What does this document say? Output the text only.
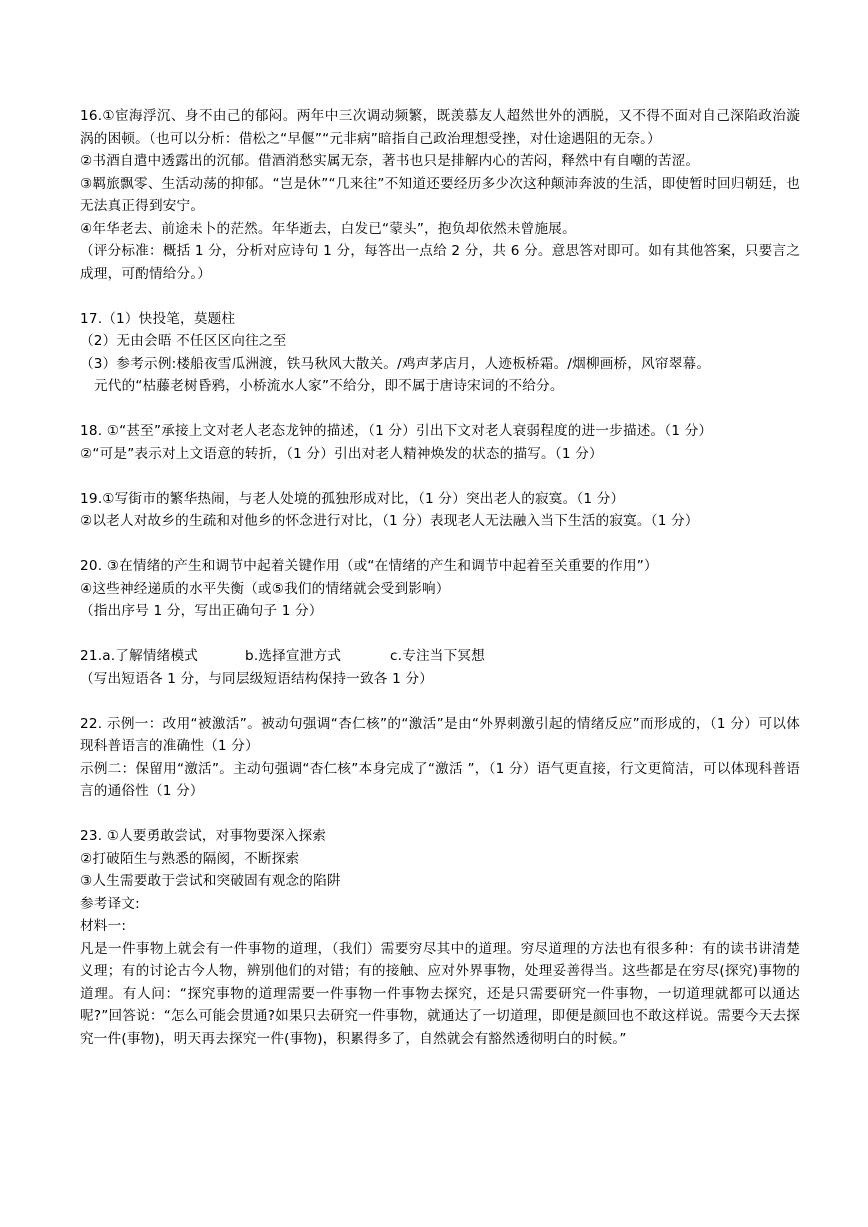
16.①宦海浮沉、身不由己的郁闷。两年中三次调动频繁，既羡慕友人超然世外的洒脱，又不得不面对自己深陷政治漩涡的困顿。（也可以分析：借松之“早偃”“元非病”暗指自己政治理想受挫，对仕途遇阻的无奈。）

②书酒自遣中透露出的沉郁。借酒消愁实属无奈，著书也只是排解内心的苦闷，释然中有自嘲的苦涩。

③羁旅飘零、生活动荡的抑郁。“岂是休”“几来往”不知道还要经历多少次这种颠沛奔波的生活，即使暂时回归朝廷，也无法真正得到安宁。

④年华老去、前途未卜的茫然。年华逝去，白发已“蒙头”，抱负却依然未曾施展。

（评分标准：概括 1 分，分析对应诗句 1 分，每答出一点给 2 分，共 6 分。意思答对即可。如有其他答案，只要言之成理，可酌情给分。）

17.（1）快投笔，莫题柱

（2）无由会晤 不任区区向往之至

（3）参考示例:楼船夜雪瓜洲渡，铁马秋风大散关。/鸡声茅店月，人迹板桥霜。/烟柳画桥，风帘翠幕。

元代的“枯藤老树昏鸦，小桥流水人家”不给分，即不属于唐诗宋词的不给分。

18. ①“甚至”承接上文对老人老态龙钟的描述，（1 分）引出下文对老人衰弱程度的进一步描述。（1 分）

②“可是”表示对上文语意的转折，（1 分）引出对老人精神焕发的状态的描写。（1 分）

19.①写街市的繁华热闹，与老人处境的孤独形成对比，（1 分）突出老人的寂寞。（1 分）

②以老人对故乡的生疏和对他乡的怀念进行对比，（1 分）表现老人无法融入当下生活的寂寞。（1 分）

20. ③在情绪的产生和调节中起着关键作用（或“在情绪的产生和调节中起着至关重要的作用”）

④这些神经递质的水平失衡（或⑤我们的情绪就会受到影响）

（指出序号 1 分，写出正确句子 1 分）

21.a.了解情绪模式	b.选择宣泄方式	c.专注当下冥想

（写出短语各 1 分，与同层级短语结构保持一致各 1 分）

22. 示例一：改用“被激活”。被动句强调“杏仁核”的“激活”是由“外界刺激引起的情绪反应”而形成的，（1 分）可以体现科普语言的准确性（1 分）

示例二：保留用“激活”。主动句强调“杏仁核”本身完成了“激活 ”，（1 分）语气更直接，行文更简洁，可以体现科普语言的通俗性（1 分）

23. ①人要勇敢尝试，对事物要深入探索

②打破陌生与熟悉的隔阂，不断探索

③人生需要敢于尝试和突破固有观念的陷阱

参考译文:

材料一:

凡是一件事物上就会有一件事物的道理，（我们）需要穷尽其中的道理。穷尽道理的方法也有很多种：有的读书讲清楚义理；有的讨论古今人物，辨别他们的对错；有的接触、应对外界事物，处理妥善得当。这些都是在穷尽(探究)事物的道理。有人问：“探究事物的道理需要一件事物一件事物去探究，还是只需要研究一件事物，一切道理就都可以通达呢?”回答说：“怎么可能会贯通?如果只去研究一件事物，就通达了一切道理，即便是颜回也不敢这样说。需要今天去探究一件(事物)，明天再去探究一件(事物)，积累得多了，自然就会有豁然透彻明白的时候。”
